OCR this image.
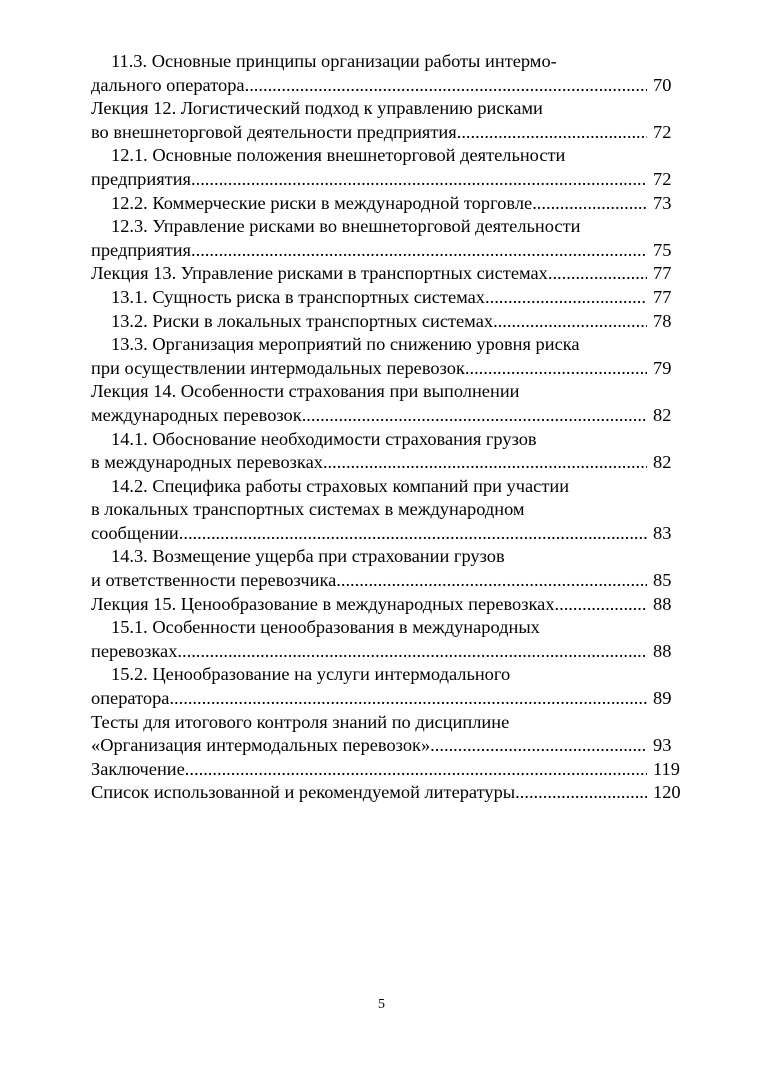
11.3. Основные принципы организации работы интермо-
дального оператора .....	70
Лекция 12. Логистический подход к управлению рисками
во внешнеторговой деятельности предприятия .....	72
12.1. Основные положения внешнеторговой деятельности
предприятия .....	72
12.2. Коммерческие риски в международной торговле .....	73
12.3. Управление рисками во внешнеторговой деятельности
предприятия .....	75
Лекция 13. Управление рисками в транспортных системах .....	77
13.1. Сущность риска в транспортных системах .....	77
13.2. Риски в локальных транспортных системах .....	78
13.3. Организация мероприятий по снижению уровня риска
при осуществлении интермодальных перевозок .....	79
Лекция 14. Особенности страхования при выполнении
международных перевозок .....	82
14.1. Обоснование необходимости страхования грузов
в международных перевозках .....	82
14.2. Специфика работы страховых компаний при участии
в локальных транспортных системах в международном
сообщении .....	83
14.3. Возмещение ущерба при страховании грузов
и ответственности перевозчика .....	85
Лекция 15. Ценообразование в международных перевозках .....	88
15.1. Особенности ценообразования в международных
перевозках .....	88
15.2. Ценообразование на услуги интермодального
оператора .....	89
Тесты для итогового контроля знаний по дисциплине
«Организация интермодальных перевозок» .....	93
Заключение .....	119
Список использованной и рекомендуемой литературы .....	120
5
